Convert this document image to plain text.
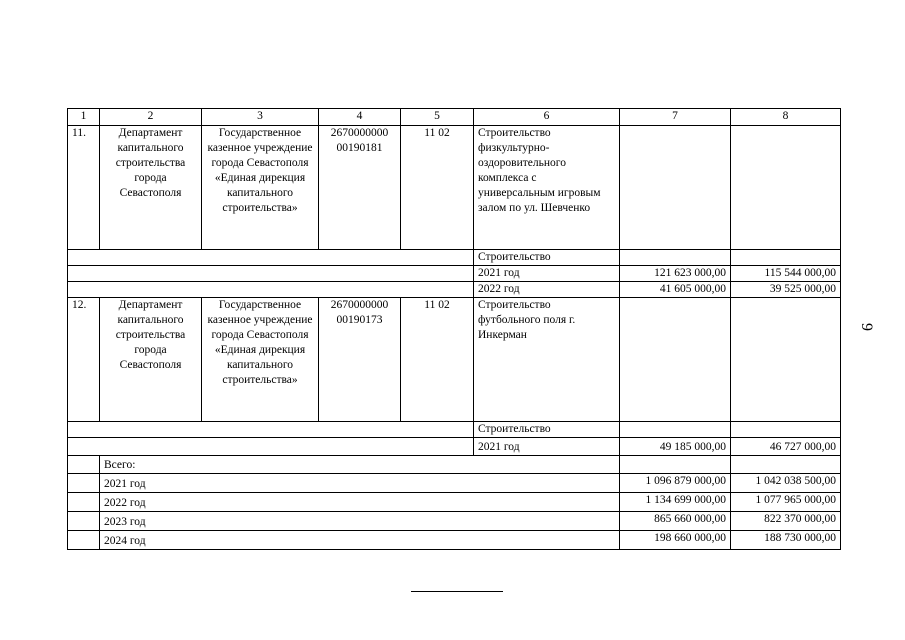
9
1	2	3	4	5	6	7	8
11.	Департамент капитального строительства города Севастополя	Государственное казенное учреждение города Севастополя «Единая дирекция капитального строительства»	2670000000 00190181	11 02	Строительство физкультурно-оздоровительного комплекса с универсальным игровым залом по ул. Шевченко		
					Строительство		
					2021 год	121 623 000,00	115 544 000,00
					2022 год	41 605 000,00	39 525 000,00
12.	Департамент капитального строительства города Севастополя	Государственное казенное учреждение города Севастополя «Единая дирекция капитального строительства»	2670000000 00190173	11 02	Строительство футбольного поля г. Инкерман		
					Строительство		
					2021 год	49 185 000,00	46 727 000,00
	Всего:						
	2021 год					1 096 879 000,00	1 042 038 500,00
	2022 год					1 134 699 000,00	1 077 965 000,00
	2023 год					865 660 000,00	822 370 000,00
	2024 год					198 660 000,00	188 730 000,00
